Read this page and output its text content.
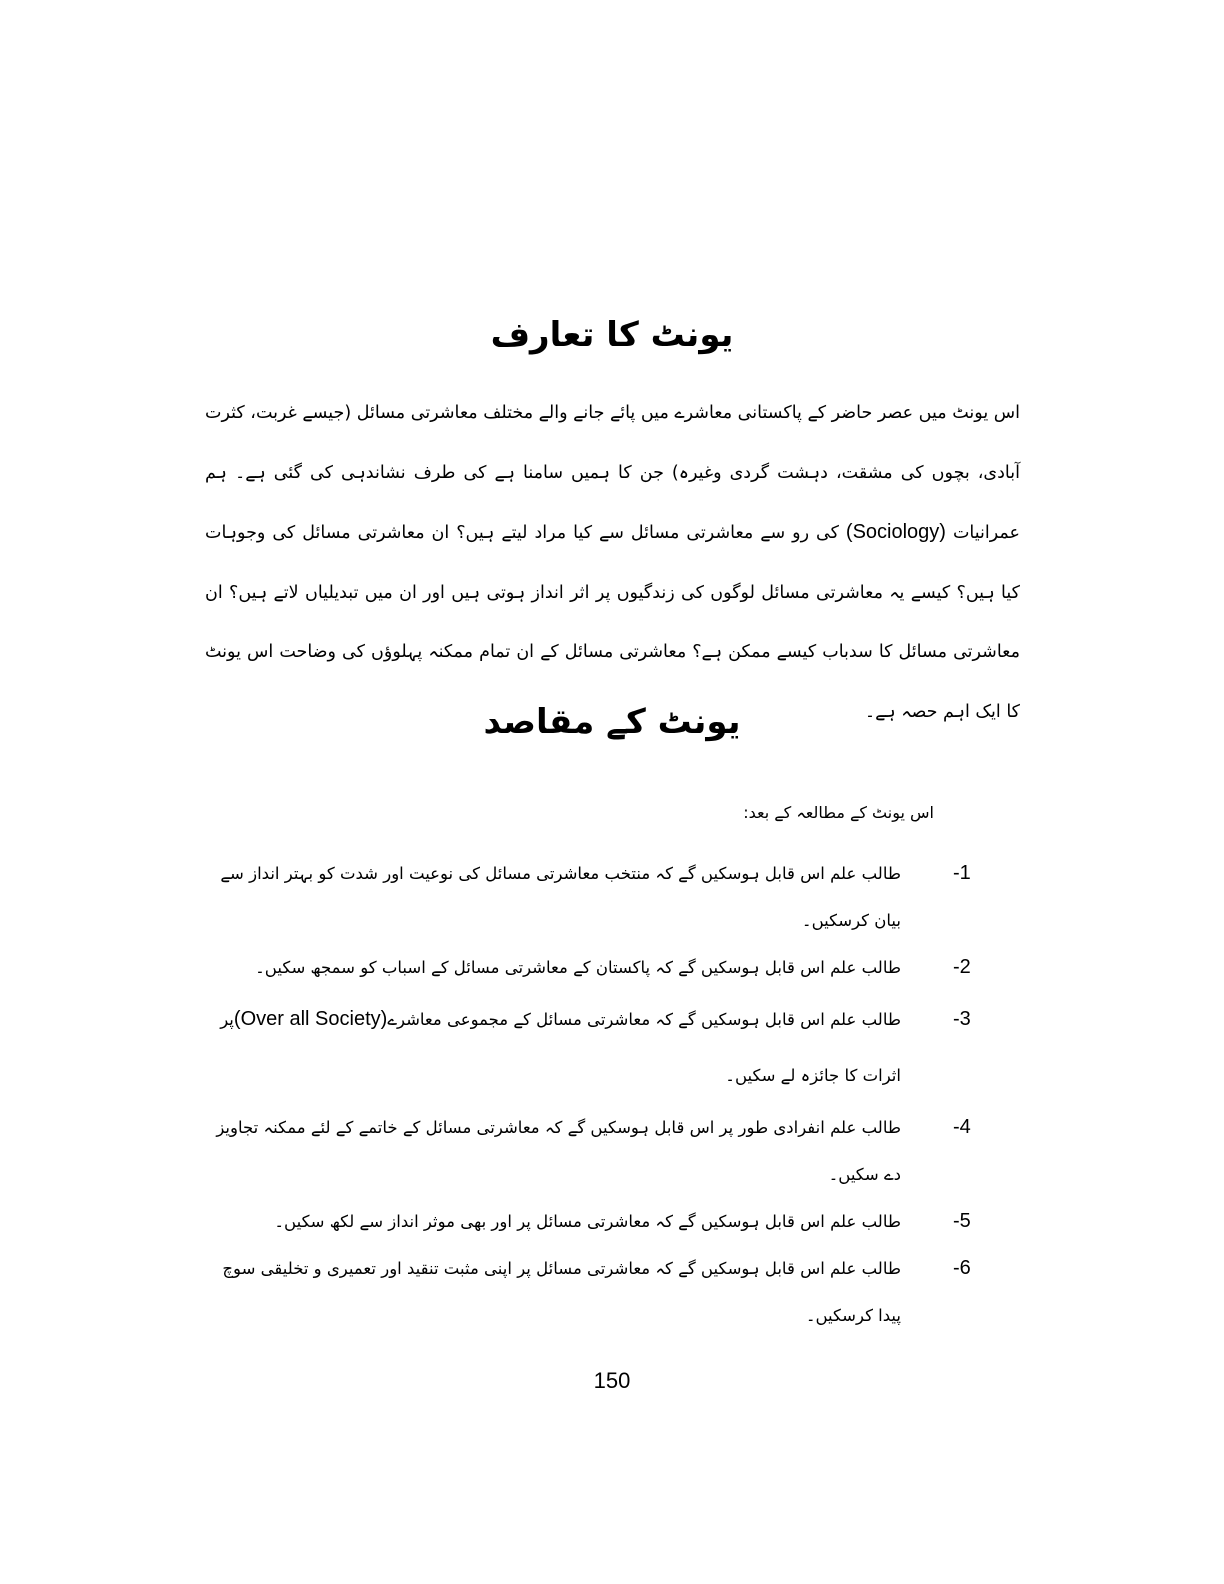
یونٹ کا تعارف
اس یونٹ میں عصر حاضر کے پاکستانی معاشرے میں پائے جانے والے مختلف معاشرتی مسائل (جیسے غربت، کثرت آبادی، بچوں کی مشقت، دہشت گردی وغیرہ) جن کا ہمیں سامنا ہے کی طرف نشاندہی کی گئی ہے۔ ہم عمرانیات (Sociology) کی رو سے معاشرتی مسائل سے کیا مراد لیتے ہیں؟ ان معاشرتی مسائل کی وجوہات کیا ہیں؟ کیسے یہ معاشرتی مسائل لوگوں کی زندگیوں پر اثر انداز ہوتی ہیں اور ان میں تبدیلیاں لاتے ہیں؟ ان معاشرتی مسائل کا سدباب کیسے ممکن ہے؟ معاشرتی مسائل کے ان تمام ممکنہ پہلوؤں کی وضاحت اس یونٹ کا ایک اہم حصہ ہے۔
یونٹ کے مقاصد
اس یونٹ کے مطالعہ کے بعد:
-1
طالب علم اس قابل ہوسکیں گے کہ منتخب معاشرتی مسائل کی نوعیت اور شدت کو بہتر انداز سے بیان کرسکیں۔
-2
طالب علم اس قابل ہوسکیں گے کہ پاکستان کے معاشرتی مسائل کے اسباب کو سمجھ سکیں۔
-3
طالب علم اس قابل ہوسکیں گے کہ معاشرتی مسائل کے مجموعی معاشرے(Over all Society)پر اثرات کا جائزہ لے سکیں۔
-4
طالب علم انفرادی طور پر اس قابل ہوسکیں گے کہ معاشرتی مسائل کے خاتمے کے لئے ممکنہ تجاویز دے سکیں۔
-5
طالب علم اس قابل ہوسکیں گے کہ معاشرتی مسائل پر اور بھی موثر انداز سے لکھ سکیں۔
-6
طالب علم اس قابل ہوسکیں گے کہ معاشرتی مسائل پر اپنی مثبت تنقید اور تعمیری و تخلیقی سوچ پیدا کرسکیں۔
150
